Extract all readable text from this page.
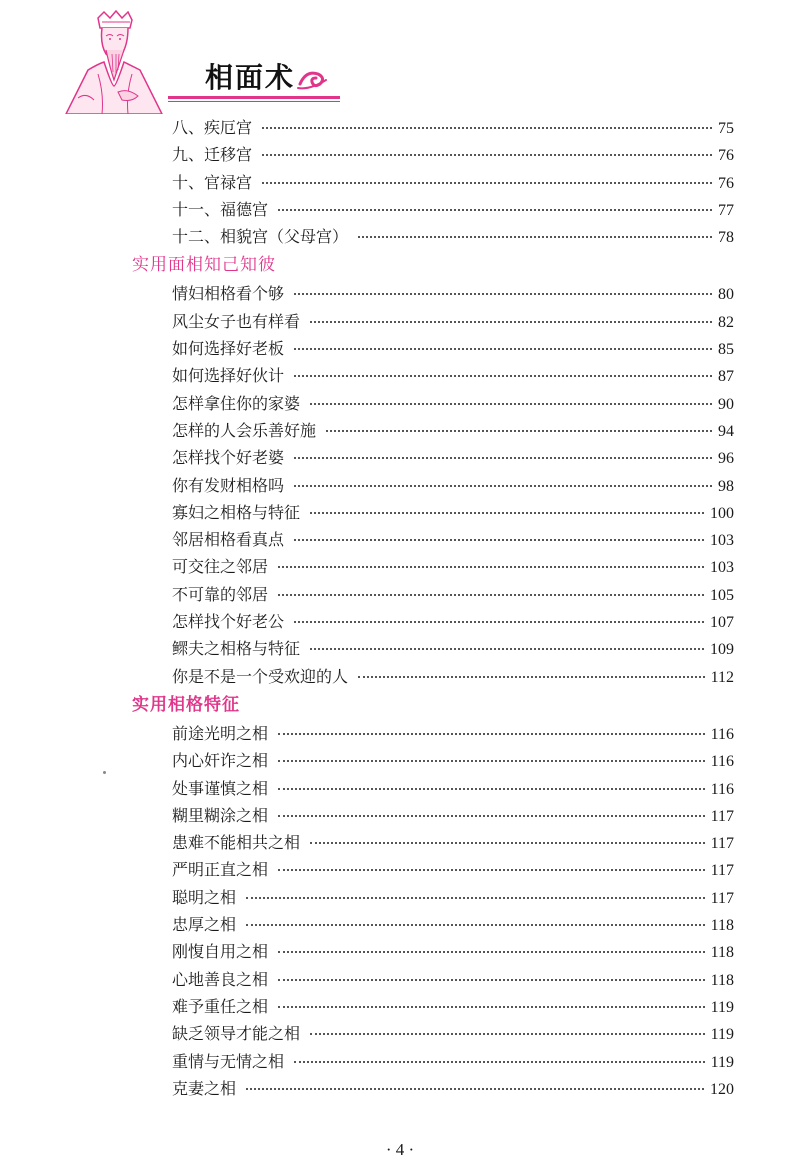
相面术
八、疾厄宫	75
九、迁移宫	76
十、官禄宫	76
十一、福德宫	77
十二、相貌宫（父母宫）	78
实用面相知己知彼
情妇相格看个够	80
风尘女子也有样看	82
如何选择好老板	85
如何选择好伙计	87
怎样拿住你的家婆	90
怎样的人会乐善好施	94
怎样找个好老婆	96
你有发财相格吗	98
寡妇之相格与特征	100
邻居相格看真点	103
可交往之邻居	103
不可靠的邻居	105
怎样找个好老公	107
鳏夫之相格与特征	109
你是不是一个受欢迎的人	112
实用相格特征
前途光明之相	116
内心奸诈之相	116
处事谨慎之相	116
糊里糊涂之相	117
患难不能相共之相	117
严明正直之相	117
聪明之相	117
忠厚之相	118
刚愎自用之相	118
心地善良之相	118
难予重任之相	119
缺乏领导才能之相	119
重情与无情之相	119
克妻之相	120
· 4 ·
